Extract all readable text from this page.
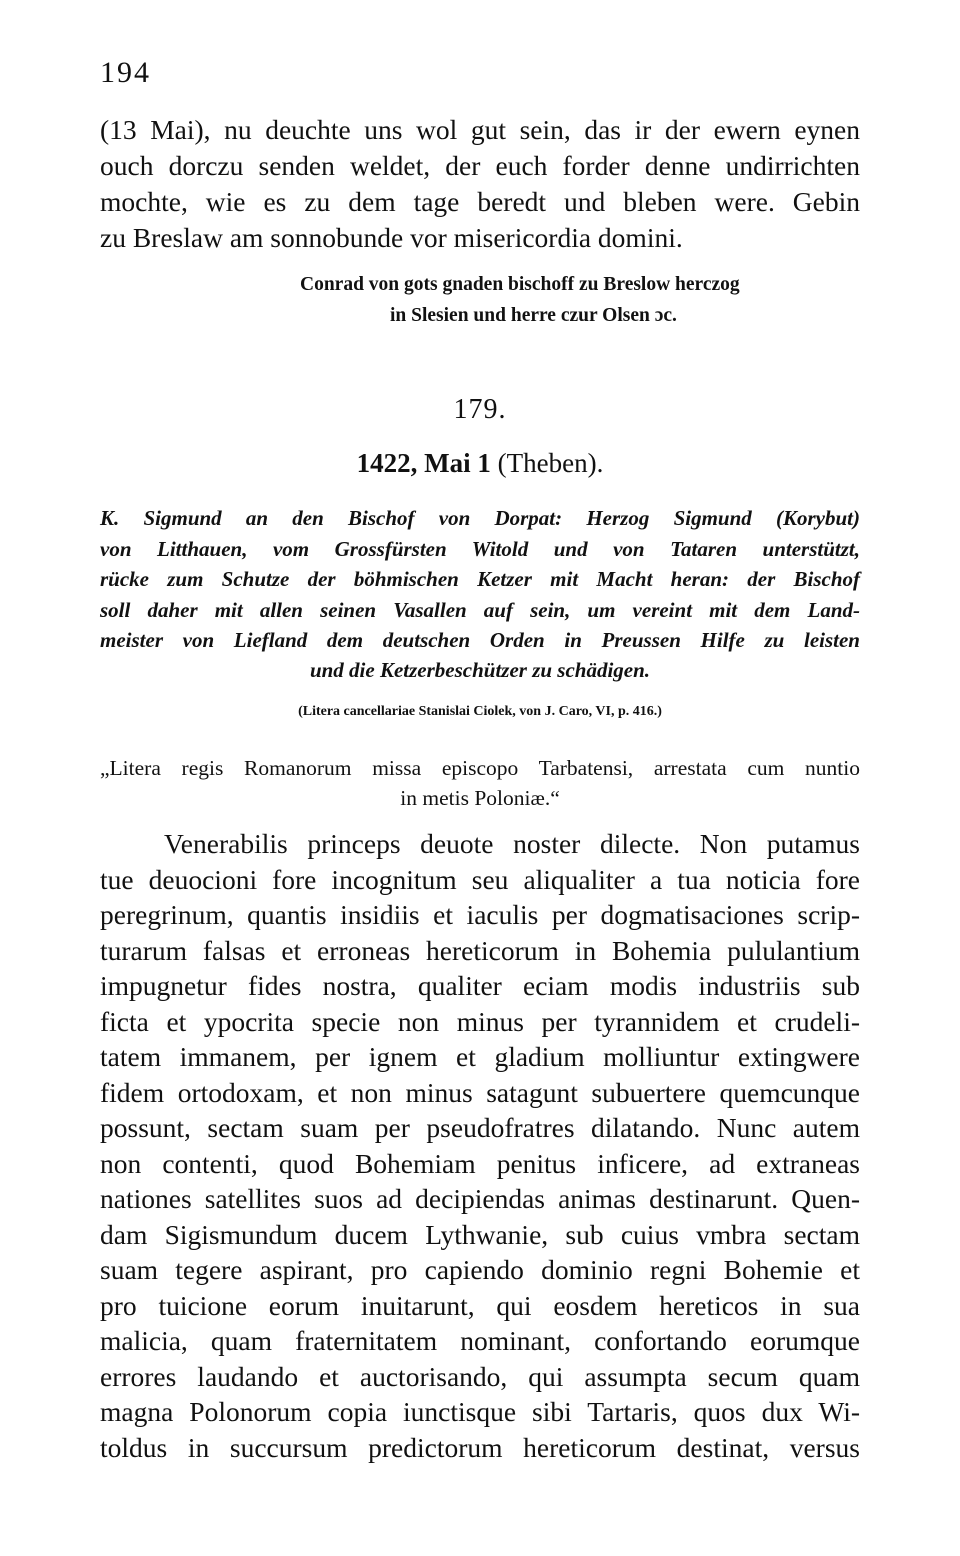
194
(13 Mai), nu deuchte uns wol gut sein, das ir der ewern eynen
ouch dorczu senden weldet, der euch forder denne undirrichten
mochte, wie es zu dem tage beredt und bleben were. Gebin
zu Breslaw am sonnobunde vor misericordia domini.
Conrad von gots gnaden bischoff zu Breslow herczog
in Slesien und herre czur Olsen ɔc.
179.
1422, Mai 1 (Theben).
K. Sigmund an den Bischof von Dorpat: Herzog Sigmund (Korybut)
von Litthauen, vom Grossfürsten Witold und von Tataren unterstützt,
rücke zum Schutze der böhmischen Ketzer mit Macht heran: der Bischof
soll daher mit allen seinen Vasallen auf sein, um vereint mit dem Land-
meister von Liefland dem deutschen Orden in Preussen Hilfe zu leisten
und die Ketzerbeschützer zu schädigen.
(Litera cancellariae Stanislai Ciolek, von J. Caro, VI, p. 416.)
„Litera regis Romanorum missa episcopo Tarbatensi, arrestata cum nuntio
in metis Poloniæ.“
Venerabilis princeps deuote noster dilecte. Non putamus
tue deuocioni fore incognitum seu aliqualiter a tua noticia fore
peregrinum, quantis insidiis et iaculis per dogmatisaciones scrip-
turarum falsas et erroneas hereticorum in Bohemia pululantium
impugnetur fides nostra, qualiter eciam modis industriis sub
ficta et ypocrita specie non minus per tyrannidem et crudeli-
tatem immanem, per ignem et gladium molliuntur extingwere
fidem ortodoxam, et non minus satagunt subuertere quemcunque
possunt, sectam suam per pseudofratres dilatando. Nunc autem
non contenti, quod Bohemiam penitus inficere, ad extraneas
nationes satellites suos ad decipiendas animas destinarunt. Quen-
dam Sigismundum ducem Lythwanie, sub cuius vmbra sectam
suam tegere aspirant, pro capiendo dominio regni Bohemie et
pro tuicione eorum inuitarunt, qui eosdem hereticos in sua
malicia, quam fraternitatem nominant, confortando eorumque
errores laudando et auctorisando, qui assumpta secum quam
magna Polonorum copia iunctisque sibi Tartaris, quos dux Wi-
toldus in succursum predictorum hereticorum destinat, versus
